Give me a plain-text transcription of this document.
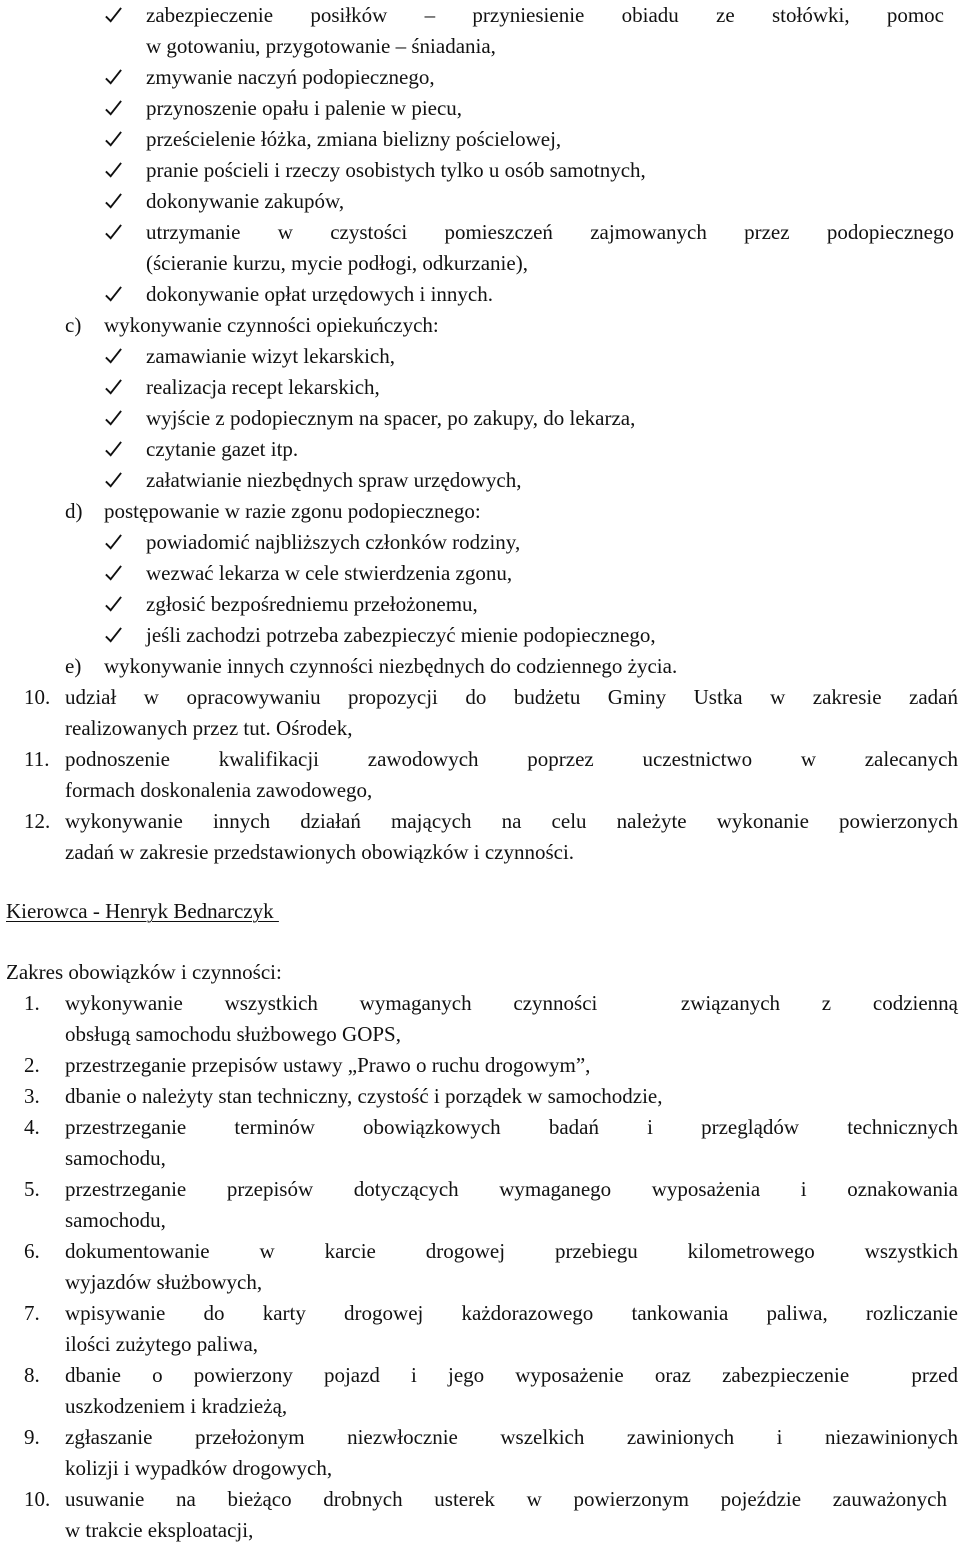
zabezpieczenie posiłków – przyniesienie obiadu ze stołówki, pomoc
w gotowaniu, przygotowanie – śniadania,
zmywanie naczyń podopiecznego,
przynoszenie opału i palenie w piecu,
prześcielenie łóżka, zmiana bielizny pościelowej,
pranie pościeli i rzeczy osobistych tylko u osób samotnych,
dokonywanie zakupów,
utrzymanie w czystości pomieszczeń zajmowanych przez podopiecznego
(ścieranie kurzu, mycie podłogi, odkurzanie),
dokonywanie opłat urzędowych i innych.
c) wykonywanie czynności opiekuńczych:
zamawianie wizyt lekarskich,
realizacja recept lekarskich,
wyjście z podopiecznym na spacer, po zakupy, do lekarza,
czytanie gazet itp.
załatwianie niezbędnych spraw urzędowych,
d) postępowanie w razie zgonu podopiecznego:
powiadomić najbliższych członków rodziny,
wezwać lekarza w cele stwierdzenia zgonu,
zgłosić bezpośredniemu przełożonemu,
jeśli zachodzi potrzeba zabezpieczyć mienie podopiecznego,
e) wykonywanie innych czynności niezbędnych do codziennego życia.
10. udział w opracowywaniu propozycji do budżetu Gminy Ustka w zakresie zadań
realizowanych przez tut. Ośrodek,
11. podnoszenie kwalifikacji zawodowych poprzez uczestnictwo w zalecanych
formach doskonalenia zawodowego,
12. wykonywanie innych działań mających na celu należyte wykonanie powierzonych
zadań w zakresie przedstawionych obowiązków i czynności.
Kierowca - Henryk Bednarczyk
Zakres obowiązków i czynności:
1.	wykonywanie wszystkich wymaganych czynności  związanych z codzienną
obsługą samochodu służbowego GOPS,
2.	przestrzeganie przepisów ustawy „Prawo o ruchu drogowym”,
3.	dbanie o należyty stan techniczny, czystość i porządek w samochodzie,
4.	przestrzeganie terminów obowiązkowych badań i przeglądów technicznych
samochodu,
5.	przestrzeganie przepisów dotyczących wymaganego wyposażenia i oznakowania
samochodu,
6.	dokumentowanie w karcie drogowej przebiegu kilometrowego wszystkich
wyjazdów służbowych,
7.	wpisywanie do karty drogowej każdorazowego tankowania paliwa, rozliczanie
ilości zużytego paliwa,
8.	dbanie o powierzony pojazd i jego wyposażenie oraz zabezpieczenie  przed
uszkodzeniem i kradzieżą,
9.	zgłaszanie przełożonym niezwłocznie wszelkich zawinionych i niezawinionych
kolizji i wypadków drogowych,
10. usuwanie na bieżąco drobnych usterek w powierzonym pojeździe zauważonych
w trakcie eksploatacji,
